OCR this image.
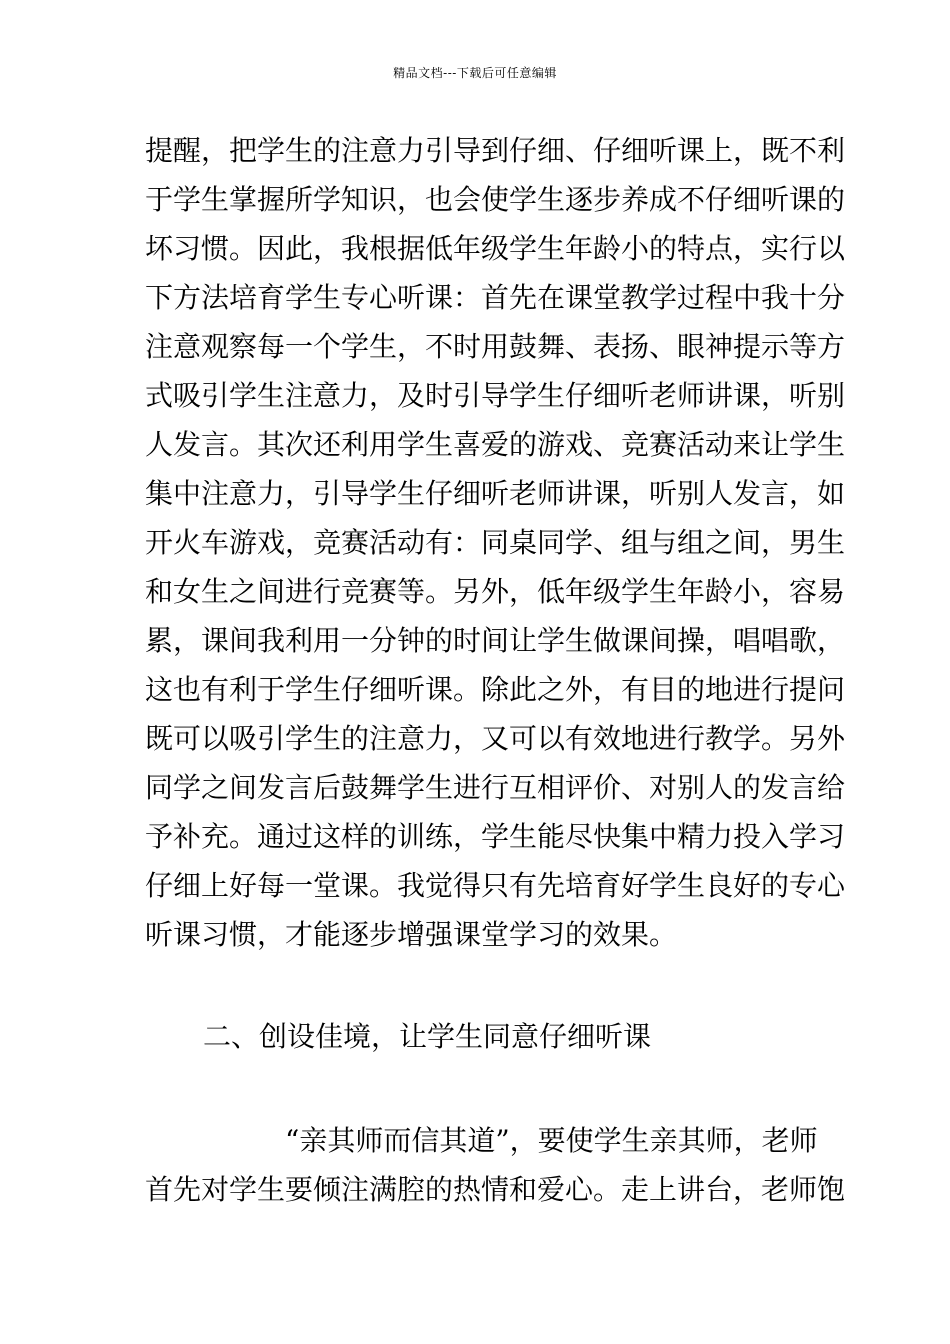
精品文档---下载后可任意编辑
提醒，把学生的注意力引导到仔细、仔细听课上，既不利
于学生掌握所学知识，也会使学生逐步养成不仔细听课的
坏习惯。因此，我根据低年级学生年龄小的特点，实行以
下方法培育学生专心听课：首先在课堂教学过程中我十分
注意观察每一个学生，不时用鼓舞、表扬、眼神提示等方
式吸引学生注意力，及时引导学生仔细听老师讲课，听别
人发言。其次还利用学生喜爱的游戏、竞赛活动来让学生
集中注意力，引导学生仔细听老师讲课，听别人发言，如
开火车游戏，竞赛活动有：同桌同学、组与组之间，男生
和女生之间进行竞赛等。另外，低年级学生年龄小，容易
累，课间我利用一分钟的时间让学生做课间操，唱唱歌，
这也有利于学生仔细听课。除此之外，有目的地进行提问
既可以吸引学生的注意力，又可以有效地进行教学。另外
同学之间发言后鼓舞学生进行互相评价、对别人的发言给
予补充。通过这样的训练，学生能尽快集中精力投入学习
仔细上好每一堂课。我觉得只有先培育好学生良好的专心
听课习惯，才能逐步增强课堂学习的效果。
二、创设佳境，让学生同意仔细听课
“亲其师而信其道”，要使学生亲其师，老师
首先对学生要倾注满腔的热情和爱心。走上讲台，老师饱
